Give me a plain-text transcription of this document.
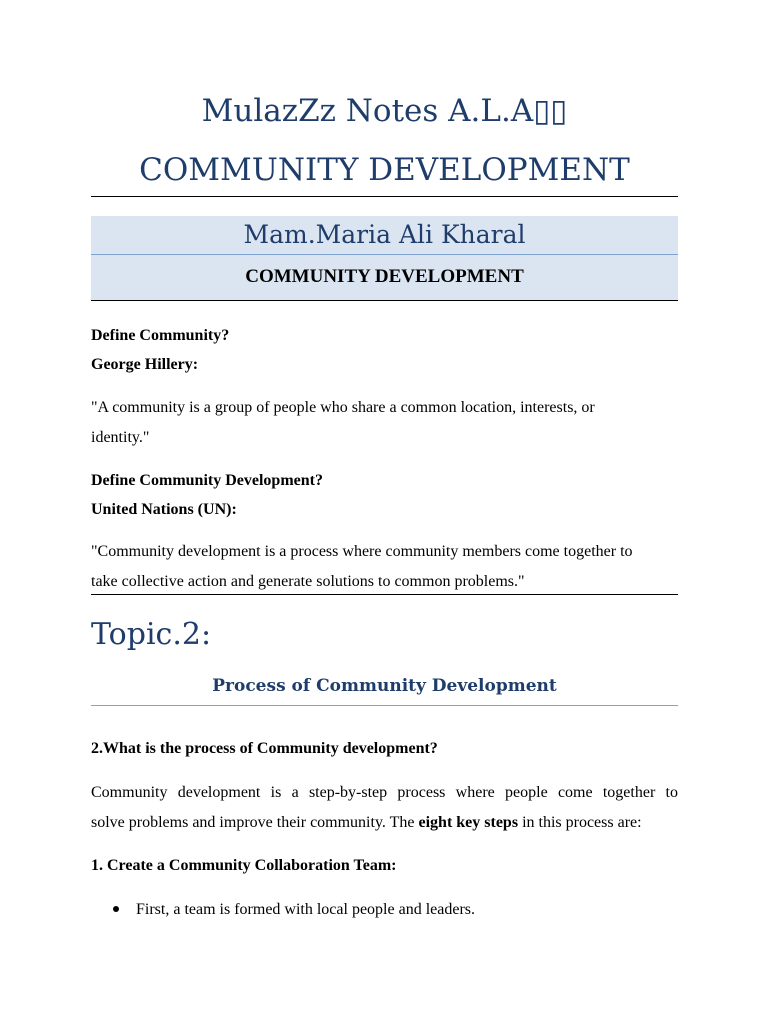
MulazZz Notes A.L.A▯▯
COMMUNITY DEVELOPMENT
Mam.Maria Ali Kharal
COMMUNITY DEVELOPMENT
Define Community?
George Hillery:
"A community is a group of people who share a common location, interests, or
identity."
Define Community Development?
United Nations (UN):
"Community development is a process where community members come together to
take collective action and generate solutions to common problems."
Topic.2:
Process of Community Development
2.What is the process of Community development?
Community development is a step-by-step process where people come together to
solve problems and improve their community. The eight key steps in this process are:
1. Create a Community Collaboration Team:
First, a team is formed with local people and leaders.
